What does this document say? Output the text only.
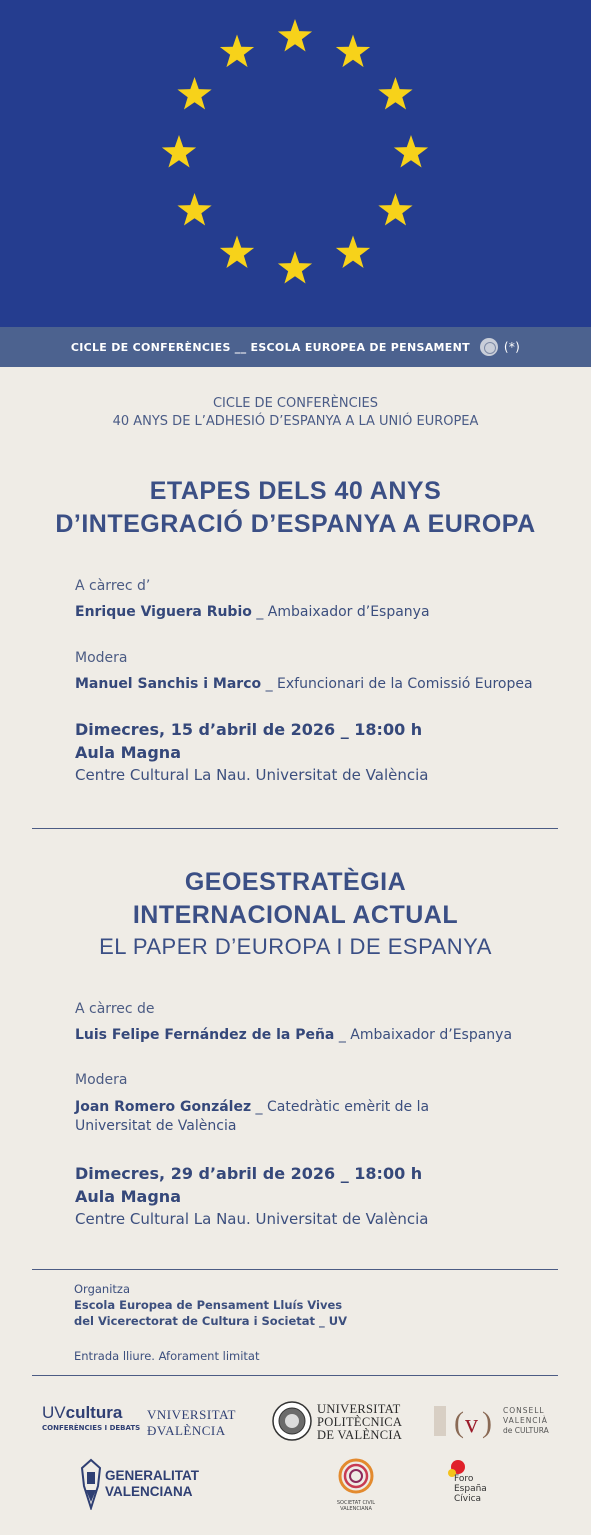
CICLE DE CONFERÈNCIES __ ESCOLA EUROPEA DE PENSAMENT	(*)
CICLE DE CONFERÈNCIES
40 ANYS DE L’ADHESIÓ D’ESPANYA A LA UNIÓ EUROPEA
ETAPES DELS 40 ANYS
D’INTEGRACIÓ D’ESPANYA A EUROPA
A càrrec d’
Enrique Viguera Rubio _ Ambaixador d’Espanya
Modera
Manuel Sanchis i Marco _ Exfuncionari de la Comissió Europea
Dimecres, 15 d’abril de 2026 _ 18:00 h
Aula Magna
Centre Cultural La Nau. Universitat de València
GEOESTRATÈGIA
INTERNACIONAL ACTUAL
EL PAPER D’EUROPA I DE ESPANYA
A càrrec de
Luis Felipe Fernández de la Peña _ Ambaixador d’Espanya
Modera
Joan Romero González _ Catedràtic emèrit de la
Universitat de València
Dimecres, 29 d’abril de 2026 _ 18:00 h
Aula Magna
Centre Cultural La Nau. Universitat de València
Organitza
Escola Europea de Pensament Lluís Vives
del Vicerectorat de Cultura i Societat _ UV
Entrada lliure. Aforament limitat
UVcultura
CONFERÈNCIES I DEBATS
VNIVERSITAT
ÐVALÈNCIA
UNIVERSITAT
POLITÈCNICA
DE VALÈNCIA ( v ) CONSELL
VALENCIÀ
de CULTURA
GENERALITAT
VALENCIANA
SOCIETAT CIVIL
VALENCIANA
Foro
España
Cívica
